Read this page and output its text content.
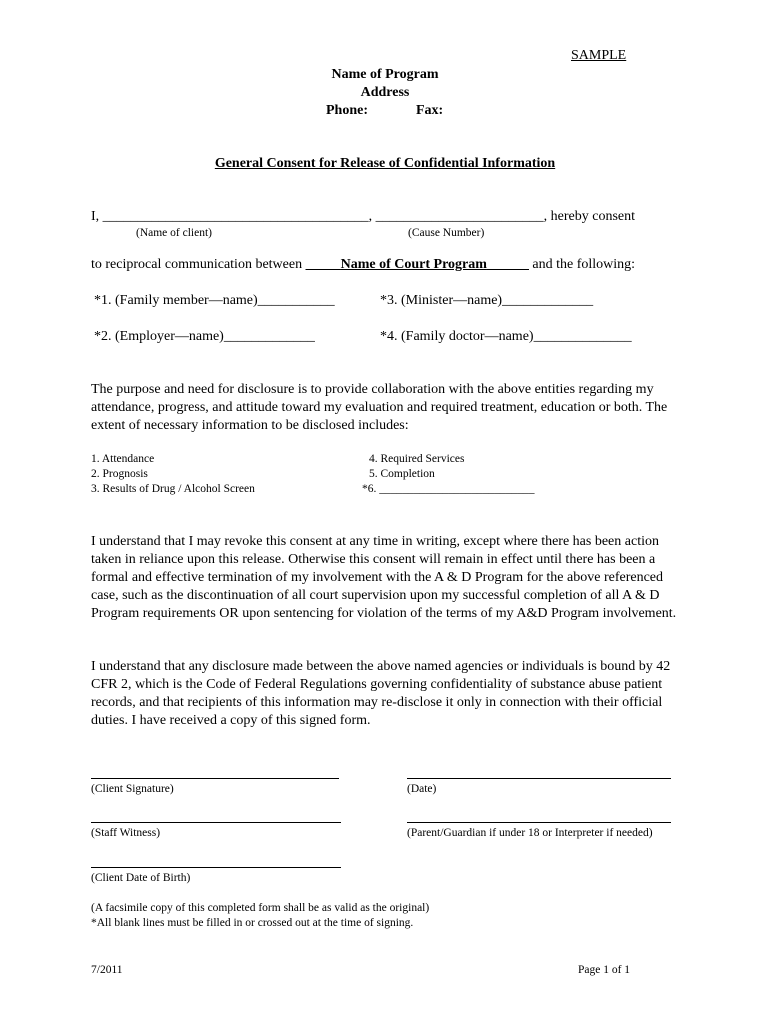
SAMPLE
Name of Program
Address
Phone:	Fax:
General Consent for Release of Confidential Information
I, ______________________________________, ________________________, hereby consent
(Name of client)	(Cause Number)
to reciprocal communication between _____Name of Court Program______ and the following:
*1. (Family member—name)___________	*3. (Minister—name)_____________
*2. (Employer—name)_____________	*4. (Family doctor—name)______________
The purpose and need for disclosure is to provide collaboration with the above entities regarding my attendance, progress, and attitude toward my evaluation and required treatment, education or both. The extent of necessary information to be disclosed includes:
1. Attendance
2. Prognosis
3. Results of Drug / Alcohol Screen
4. Required Services
5. Completion
*6. ___________________________
I understand that I may revoke this consent at any time in writing, except where there has been action taken in reliance upon this release. Otherwise this consent will remain in effect until there has been a formal and effective termination of my involvement with the A & D Program for the above referenced case, such as the discontinuation of all court supervision upon my successful completion of all A & D Program requirements OR upon sentencing for violation of the terms of my A&D Program involvement.
I understand that any disclosure made between the above named agencies or individuals is bound by 42 CFR 2, which is the Code of Federal Regulations governing confidentiality of substance abuse patient records, and that recipients of this information may re-disclose it only in connection with their official duties. I have received a copy of this signed form.
(Client Signature)	(Date)
(Staff Witness)	(Parent/Guardian if under 18 or Interpreter if needed)
(Client Date of Birth)
(A facsimile copy of this completed form shall be as valid as the original)
*All blank lines must be filled in or crossed out at the time of signing.
7/2011	Page 1 of 1
